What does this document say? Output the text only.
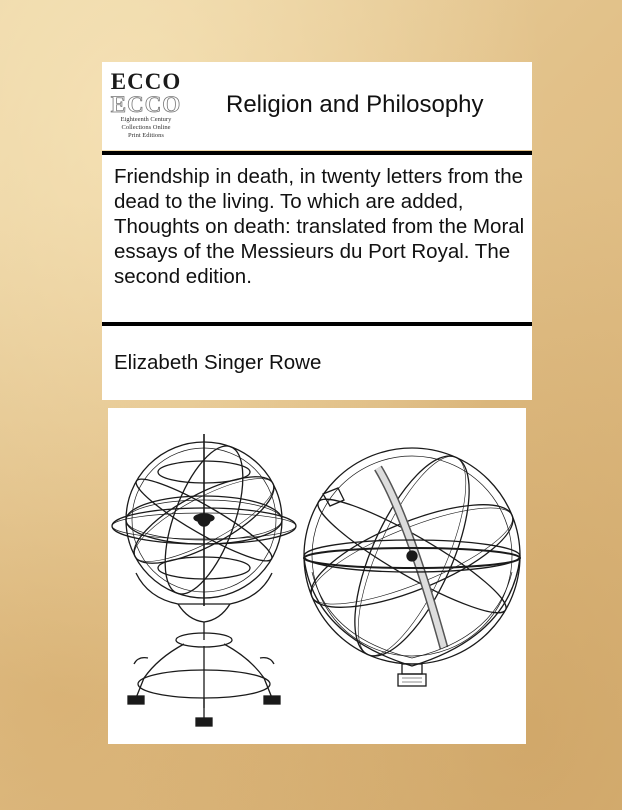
ECCO
ECCO
Eighteenth Century
Collections Online
Print Editions
Religion and Philosophy
Friendship in death, in twenty letters from the dead to the living. To which are added, Thoughts on death: translated from the Moral essays of the Messieurs du Port Royal. The second edition.
Elizabeth Singer Rowe
